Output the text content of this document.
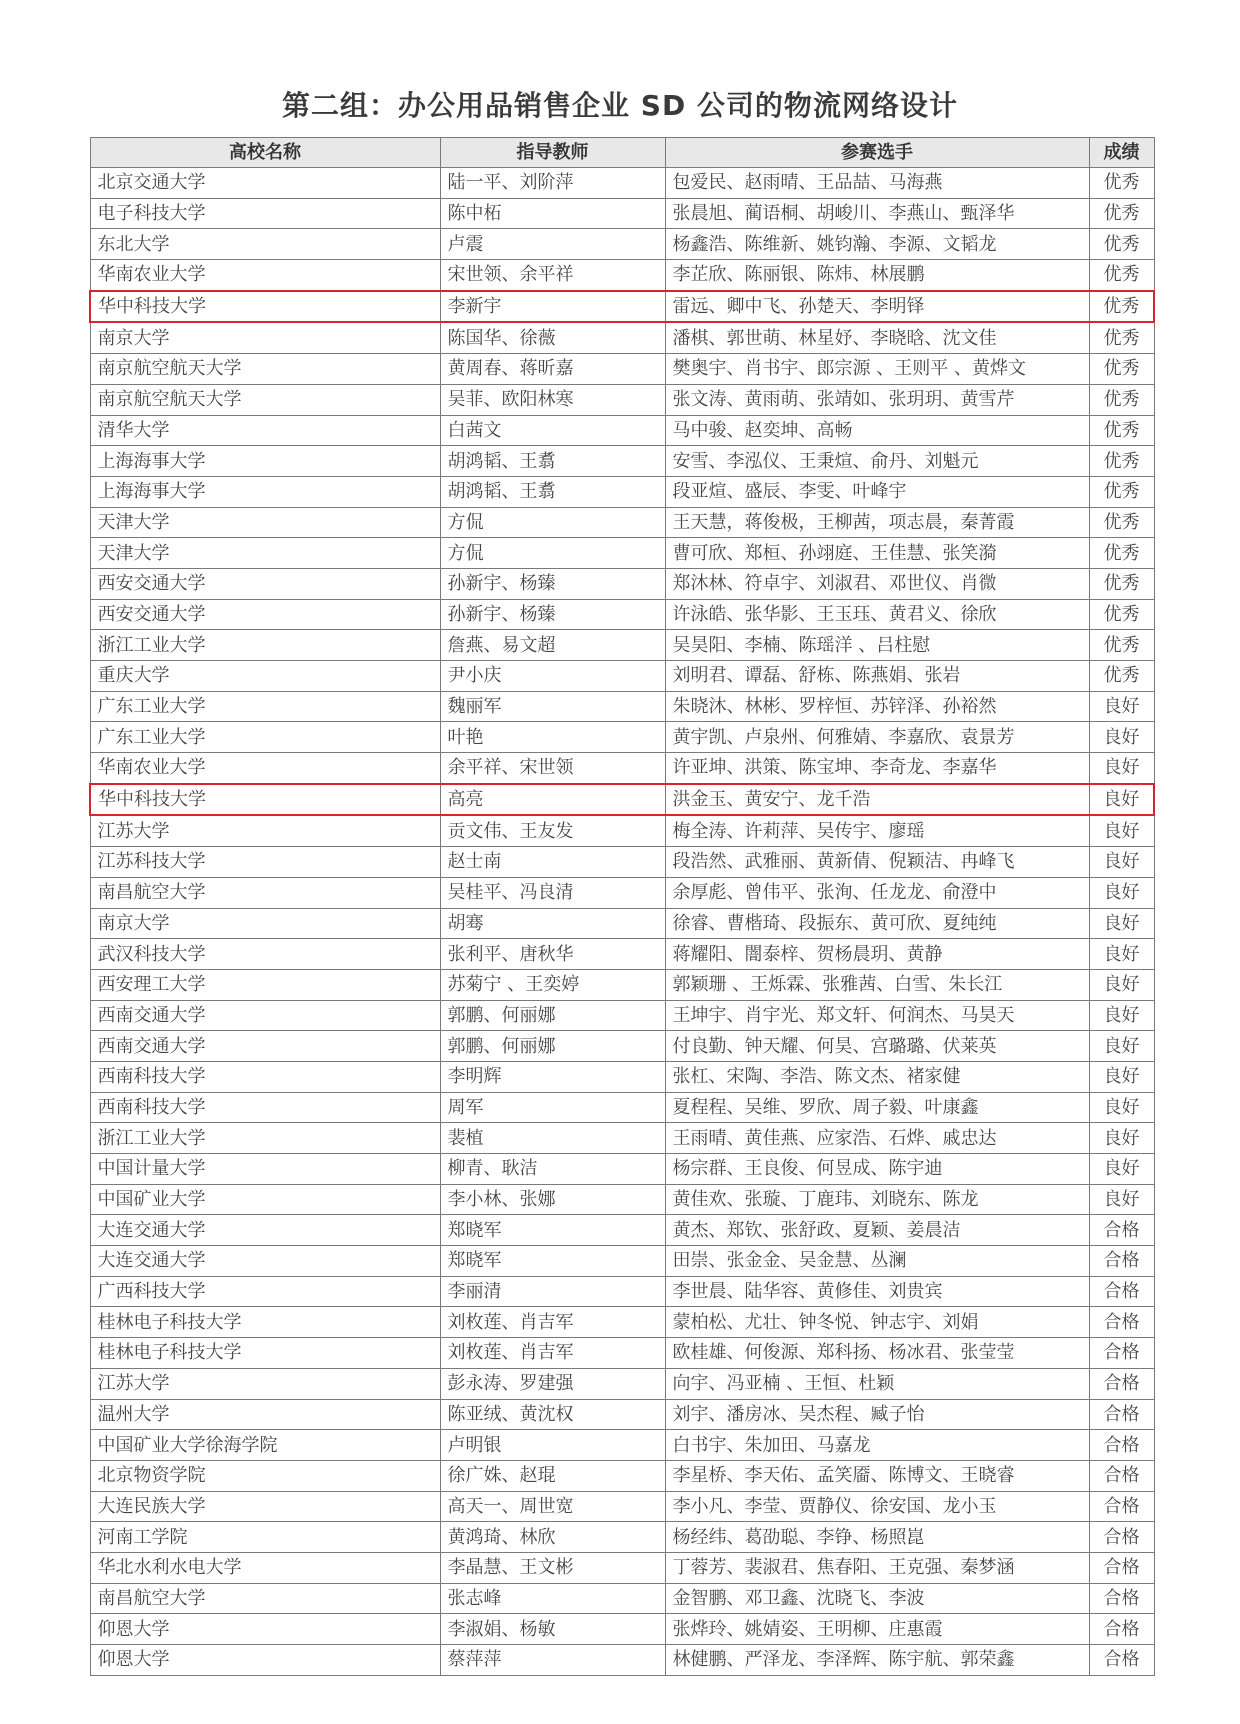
第二组：办公用品销售企业 SD 公司的物流网络设计
高校名称	指导教师	参赛选手	成绩
北京交通大学	陆一平、刘阶萍	包爱民、赵雨晴、王品喆、马海燕	优秀
电子科技大学	陈中柘	张晨旭、蔺语桐、胡峻川、李燕山、甄泽华	优秀
东北大学	卢震	杨鑫浩、陈维新、姚钧瀚、李源、文韬龙	优秀
华南农业大学	宋世领、余平祥	李芷欣、陈丽银、陈炜、林展鹏	优秀
华中科技大学	李新宇	雷远、卿中飞、孙楚天、李明铎	优秀
南京大学	陈国华、徐薇	潘棋、郭世萌、林星妤、李晓晗、沈文佳	优秀
南京航空航天大学	黄周春、蒋昕嘉	樊奥宇、肖书宇、郎宗源 、王则平 、黄烨文	优秀
南京航空航天大学	吴菲、欧阳林寒	张文涛、黄雨萌、张靖如、张玥玥、黄雪芹	优秀
清华大学	白茜文	马中骏、赵奕坤、高畅	优秀
上海海事大学	胡鸿韬、王翥	安雪、李泓仪、王秉煊、俞丹、刘魁元	优秀
上海海事大学	胡鸿韬、王翥	段亚煊、盛辰、李雯、叶峰宇	优秀
天津大学	方侃	王天慧，蒋俊极，王柳茜，项志晨，秦菁霞	优秀
天津大学	方侃	曹可欣、郑桓、孙翊庭、王佳慧、张笑漪	优秀
西安交通大学	孙新宇、杨臻	郑沐林、符卓宇、刘淑君、邓世仪、肖微	优秀
西安交通大学	孙新宇、杨臻	许泳皓、张华影、王玉珏、黄君义、徐欣	优秀
浙江工业大学	詹燕、易文超	吴昊阳、李楠、陈瑶洋 、吕柱慰	优秀
重庆大学	尹小庆	刘明君、谭磊、舒栋、陈燕娟、张岩	优秀
广东工业大学	魏丽军	朱晓沐、林彬、罗梓恒、苏锌泽、孙裕然	良好
广东工业大学	叶艳	黄宇凯、卢泉州、何雅婧、李嘉欣、袁景芳	良好
华南农业大学	余平祥、宋世领	许亚坤、洪策、陈宝坤、李奇龙、李嘉华	良好
华中科技大学	高亮	洪金玉、黄安宁、龙千浩	良好
江苏大学	贡文伟、王友发	梅全涛、许莉萍、吴传宇、廖瑶	良好
江苏科技大学	赵士南	段浩然、武雅丽、黄新倩、倪颖洁、冉峰飞	良好
南昌航空大学	吴桂平、冯良清	余厚彪、曾伟平、张洵、任龙龙、俞澄中	良好
南京大学	胡骞	徐睿、曹楷琦、段振东、黄可欣、夏纯纯	良好
武汉科技大学	张利平、唐秋华	蒋耀阳、闇泰梓、贺杨晨玥、黄静	良好
西安理工大学	苏菊宁 、王奕婷	郭颖珊 、王烁霖、张雅茜、白雪、朱长江	良好
西南交通大学	郭鹏、何丽娜	王坤宇、肖宇光、郑文轩、何润杰、马昊天	良好
西南交通大学	郭鹏、何丽娜	付良勤、钟天耀、何昊、宫璐璐、伏莱英	良好
西南科技大学	李明辉	张杠、宋陶、李浩、陈文杰、褚家健	良好
西南科技大学	周军	夏程程、吴维、罗欣、周子毅、叶康鑫	良好
浙江工业大学	裴植	王雨晴、黄佳燕、应家浩、石烨、戚忠达	良好
中国计量大学	柳青、耿洁	杨宗群、王良俊、何昱成、陈宇迪	良好
中国矿业大学	李小林、张娜	黄佳欢、张璇、丁鹿玮、刘晓东、陈龙	良好
大连交通大学	郑晓军	黄杰、郑钦、张舒政、夏颖、姜晨洁	合格
大连交通大学	郑晓军	田崇、张金金、吴金慧、丛澜	合格
广西科技大学	李丽清	李世晨、陆华容、黄修佳、刘贵宾	合格
桂林电子科技大学	刘枚莲、肖吉军	蒙柏松、尤壮、钟冬悦、钟志宇、刘娟	合格
桂林电子科技大学	刘枚莲、肖吉军	欧桂雄、何俊源、郑科扬、杨冰君、张莹莹	合格
江苏大学	彭永涛、罗建强	向宇、冯亚楠 、王恒、杜颖	合格
温州大学	陈亚绒、黄沈权	刘宇、潘房冰、吴杰程、臧子怡	合格
中国矿业大学徐海学院	卢明银	白书宇、朱加田、马嘉龙	合格
北京物资学院	徐广姝、赵琨	李星桥、李天佑、孟笑靥、陈博文、王晓睿	合格
大连民族大学	高天一、周世宽	李小凡、李莹、贾静仪、徐安国、龙小玉	合格
河南工学院	黄鸿琦、林欣	杨经纬、葛劭聪、李铮、杨照崑	合格
华北水利水电大学	李晶慧、王文彬	丁蓉芳、裴淑君、焦春阳、王克强、秦梦涵	合格
南昌航空大学	张志峰	金智鹏、邓卫鑫、沈晓飞、李波	合格
仰恩大学	李淑娟、杨敏	张烨玲、姚婧姿、王明柳、庄惠霞	合格
仰恩大学	蔡萍萍	林健鹏、严泽龙、李泽辉、陈宇航、郭荣鑫	合格
